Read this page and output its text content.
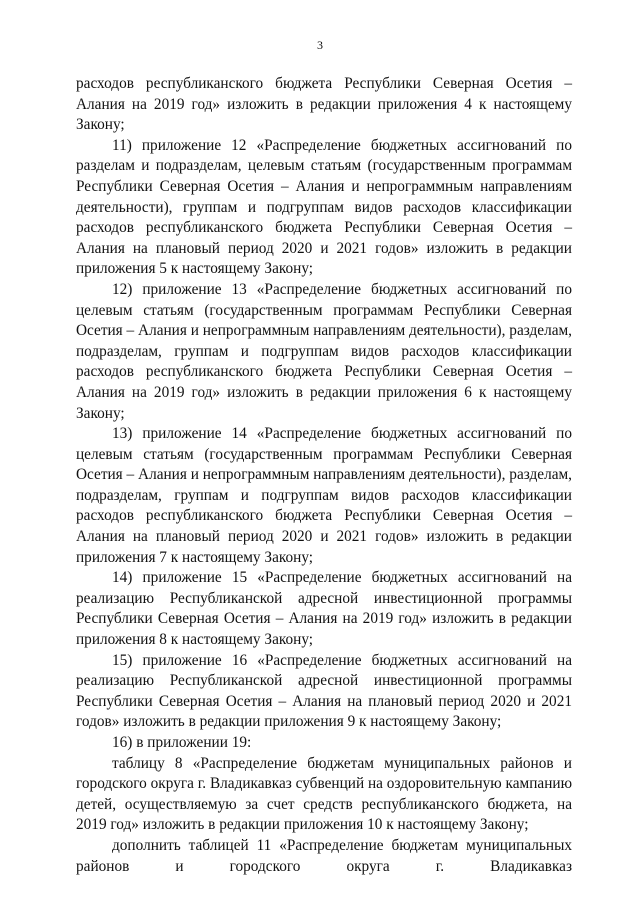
3

расходов республиканского бюджета Республики Северная Осетия – Алания на 2019 год» изложить в редакции приложения 4 к настоящему Закону;

11) приложение 12 «Распределение бюджетных ассигнований по разделам и подразделам, целевым статьям (государственным программам Республики Северная Осетия – Алания и непрограммным направлениям деятельности), группам и подгруппам видов расходов классификации расходов республиканского бюджета Республики Северная Осетия – Алания на плановый период 2020 и 2021 годов» изложить в редакции приложения 5 к настоящему Закону;

12) приложение 13 «Распределение бюджетных ассигнований по целевым статьям (государственным программам Республики Северная Осетия – Алания и непрограммным направлениям деятельности), разделам, подразделам, группам и подгруппам видов расходов классификации расходов республиканского бюджета Республики Северная Осетия – Алания на 2019 год» изложить в редакции приложения 6 к настоящему Закону;

13) приложение 14 «Распределение бюджетных ассигнований по целевым статьям (государственным программам Республики Северная Осетия – Алания и непрограммным направлениям деятельности), разделам, подразделам, группам и подгруппам видов расходов классификации расходов республиканского бюджета Республики Северная Осетия – Алания на плановый период 2020 и 2021 годов» изложить в редакции приложения 7 к настоящему Закону;

14) приложение 15 «Распределение бюджетных ассигнований на реализацию Республиканской адресной инвестиционной программы Республики Северная Осетия – Алания на 2019 год» изложить в редакции приложения 8 к настоящему Закону;

15) приложение 16 «Распределение бюджетных ассигнований на реализацию Республиканской адресной инвестиционной программы Республики Северная Осетия – Алания на плановый период 2020 и 2021 годов» изложить в редакции приложения 9 к настоящему Закону;

16) в приложении 19:

таблицу 8 «Распределение бюджетам муниципальных районов и городского округа г. Владикавказ субвенций на оздоровительную кампанию детей, осуществляемую за счет средств республиканского бюджета, на 2019 год» изложить в редакции приложения 10 к настоящему Закону;

дополнить таблицей 11 «Распределение бюджетам муниципальных районов и городского округа г. Владикавказ
